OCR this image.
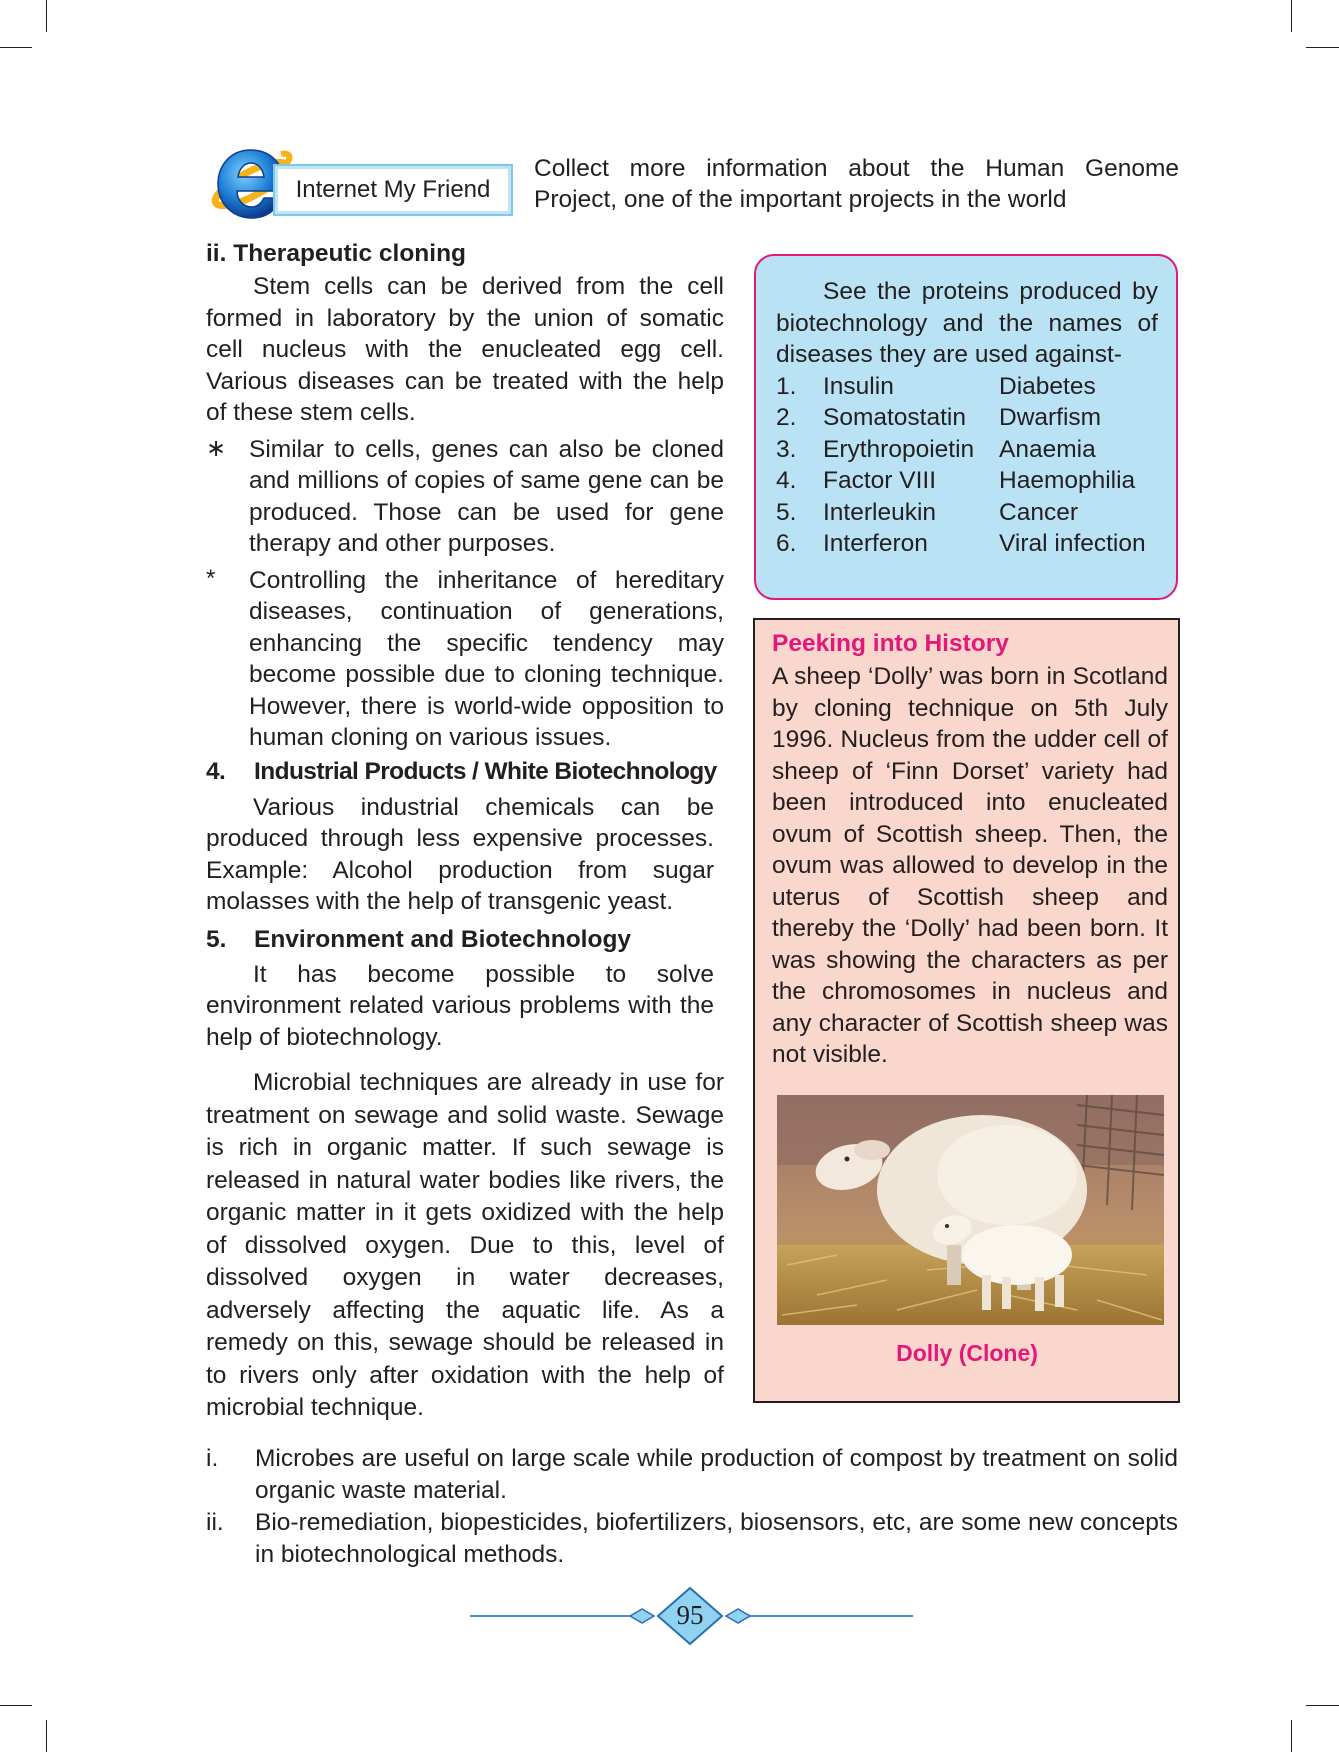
Internet My Friend
Collect more information about the Human Genome Project, one of the important projects in the world

ii. Therapeutic cloning

Stem cells can be derived from the cell formed in laboratory by the union of somatic cell nucleus with the enucleated egg cell. Various diseases can be treated with the help of these stem cells.

∗ Similar to cells, genes can also be cloned and millions of copies of same gene can be produced. Those can be used for gene therapy and other purposes.
* Controlling the inheritance of hereditary diseases, continuation of generations, enhancing the specific tendency may become possible due to cloning technique. However, there is world-wide opposition to human cloning on various issues.

4. Industrial Products / White Biotechnology

Various industrial chemicals can be produced through less expensive processes. Example: Alcohol production from sugar molasses with the help of transgenic yeast.

5. Environment and Biotechnology

It has become possible to solve environment related various problems with the help of biotechnology.

Microbial techniques are already in use for treatment on sewage and solid waste. Sewage is rich in organic matter. If such sewage is released in natural water bodies like rivers, the organic matter in it gets oxidized with the help of dissolved oxygen. Due to this, level of dissolved oxygen in water decreases, adversely affecting the aquatic life. As a remedy on this, sewage should be released in to rivers only after oxidation with the help of microbial technique.

See the proteins produced by biotechnology and the names of diseases they are used against-

1. Insulin	Diabetes
2. Somatostatin Dwarfism
3. Erythropoietin Anaemia
4. Factor VIII	Haemophilia
5. Interleukin	Cancer
6. Interferon	Viral infection

Peeking into History

A sheep ‘Dolly’ was born in Scotland by cloning technique on 5th July 1996. Nucleus from the udder cell of sheep of ‘Finn Dorset’ variety had been introduced into enucleated ovum of Scottish sheep. Then, the ovum was allowed to develop in the uterus of Scottish sheep and thereby the ‘Dolly’ had been born. It was showing the characters as per the chromosomes in nucleus and any character of Scottish sheep was not visible.

Dolly (Clone)

i. Microbes are useful on large scale while production of compost by treatment on solid organic waste material.
ii. Bio-remediation, biopesticides, biofertilizers, biosensors, etc, are some new concepts in biotechnological methods.
95
